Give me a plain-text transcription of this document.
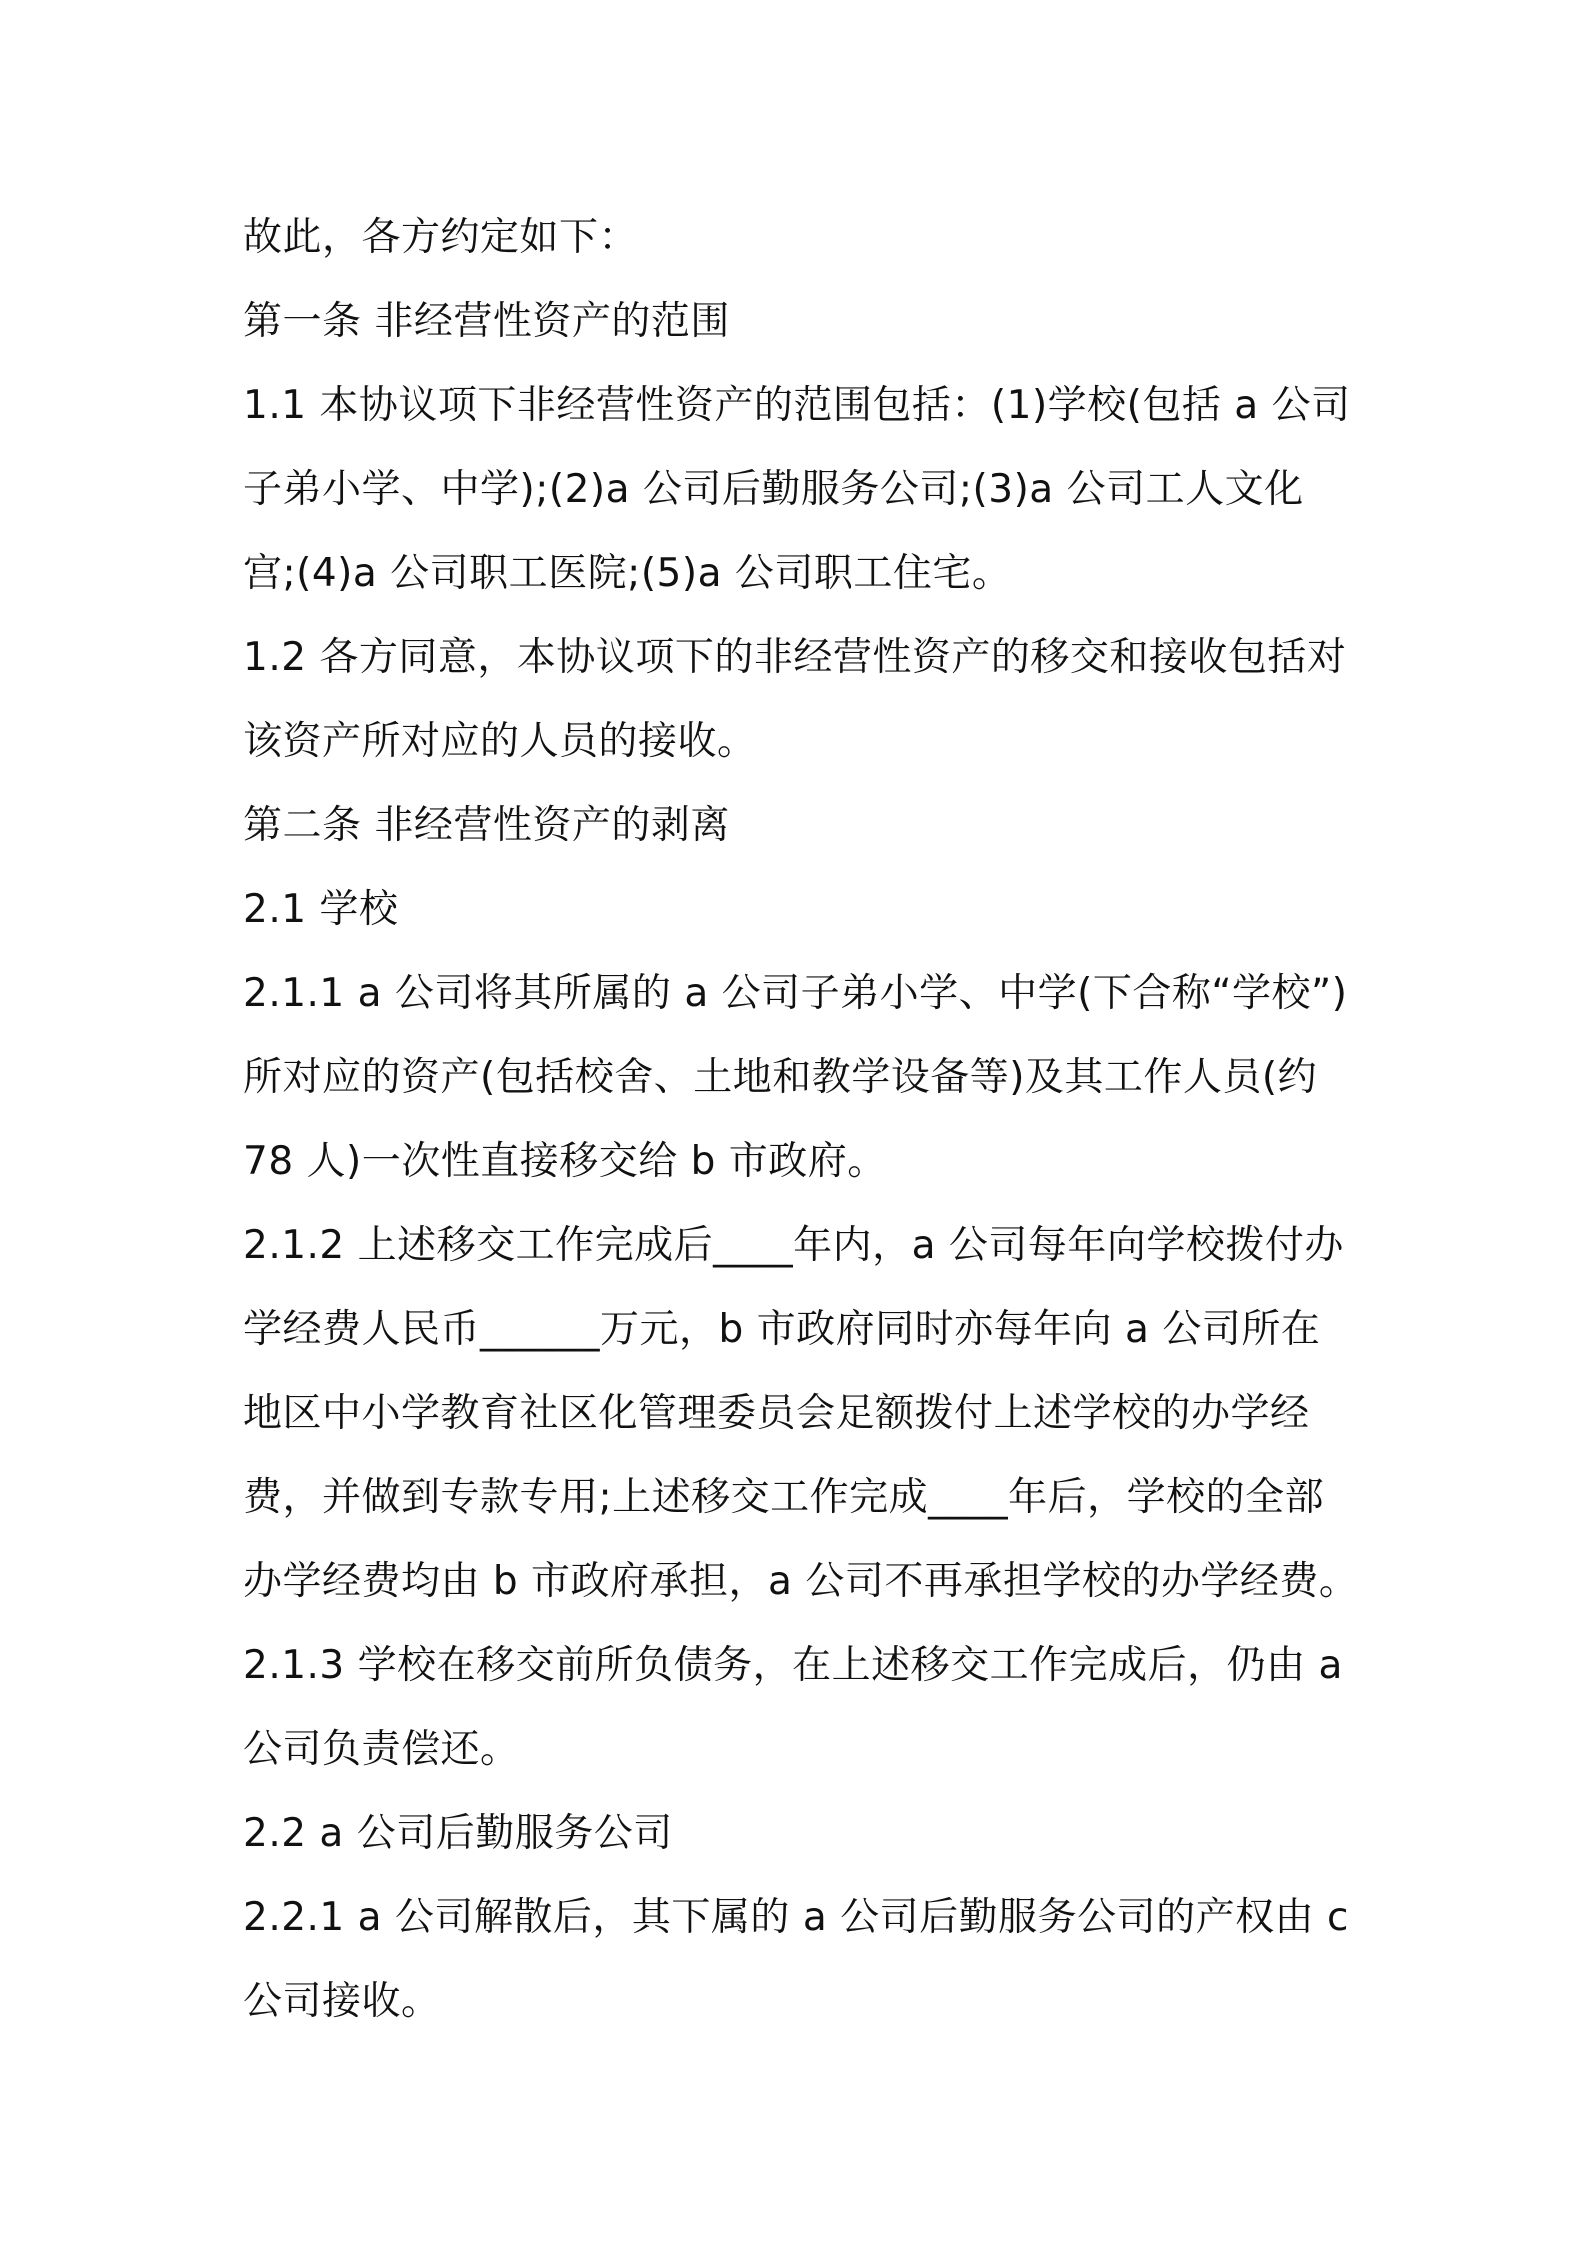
故此，各方约定如下：
第一条 非经营性资产的范围
1.1 本协议项下非经营性资产的范围包括：(1)学校(包括 a 公司
子弟小学、中学);(2)a 公司后勤服务公司;(3)a 公司工人文化
宫;(4)a 公司职工医院;(5)a 公司职工住宅。
1.2 各方同意，本协议项下的非经营性资产的移交和接收包括对
该资产所对应的人员的接收。
第二条 非经营性资产的剥离
2.1 学校
2.1.1 a 公司将其所属的 a 公司子弟小学、中学(下合称“学校”)
所对应的资产(包括校舍、土地和教学设备等)及其工作人员(约
78 人)一次性直接移交给 b 市政府。
2.1.2 上述移交工作完成后____年内，a 公司每年向学校拨付办
学经费人民币______万元，b 市政府同时亦每年向 a 公司所在
地区中小学教育社区化管理委员会足额拨付上述学校的办学经
费，并做到专款专用;上述移交工作完成____年后，学校的全部
办学经费均由 b 市政府承担，a 公司不再承担学校的办学经费。
2.1.3 学校在移交前所负债务，在上述移交工作完成后，仍由 a
公司负责偿还。
2.2 a 公司后勤服务公司
2.2.1 a 公司解散后，其下属的 a 公司后勤服务公司的产权由 c
公司接收。
